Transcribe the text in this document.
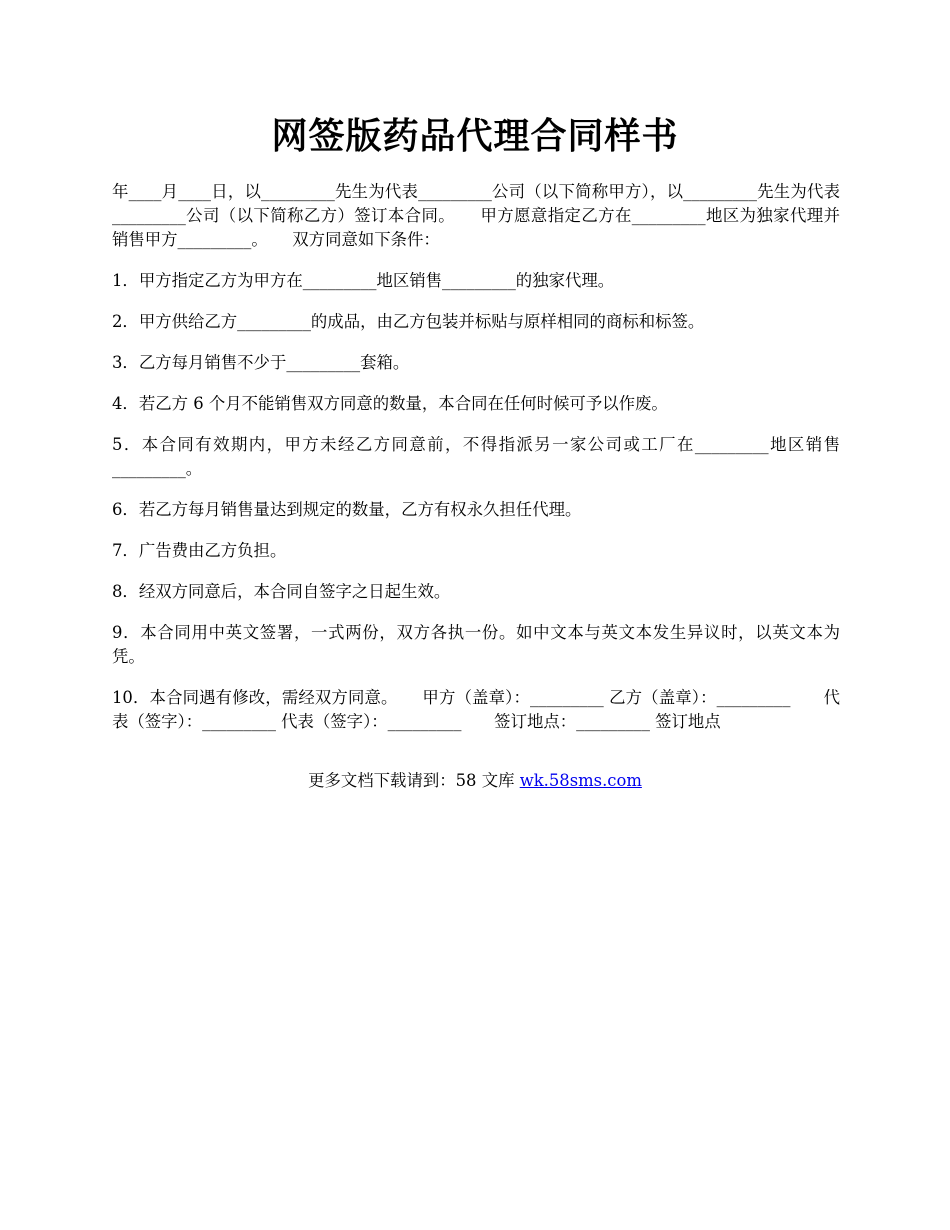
网签版药品代理合同样书

年____月____日，以_________先生为代表_________公司（以下简称甲方），以_________先生为代表_________公司（以下简称乙方）签订本合同。　　甲方愿意指定乙方在_________地区为独家代理并销售甲方_________。　　双方同意如下条件：

1．甲方指定乙方为甲方在_________地区销售_________的独家代理。

2．甲方供给乙方_________的成品，由乙方包装并标贴与原样相同的商标和标签。

3．乙方每月销售不少于_________套箱。

4．若乙方 6 个月不能销售双方同意的数量，本合同在任何时候可予以作废。

5．本合同有效期内，甲方未经乙方同意前，不得指派另一家公司或工厂在_________地区销售_________。

6．若乙方每月销售量达到规定的数量，乙方有权永久担任代理。

7．广告费由乙方负担。

8．经双方同意后，本合同自签字之日起生效。

9．本合同用中英文签署，一式两份，双方各执一份。如中文本与英文本发生异议时，以英文本为凭。

10．本合同遇有修改，需经双方同意。　　甲方（盖章）：_________ 乙方（盖章）：_________　　代表（签字）：_________ 代表（签字）：_________　　签订地点：_________ 签订地点

更多文档下载请到：58 文库 wk.58sms.com
